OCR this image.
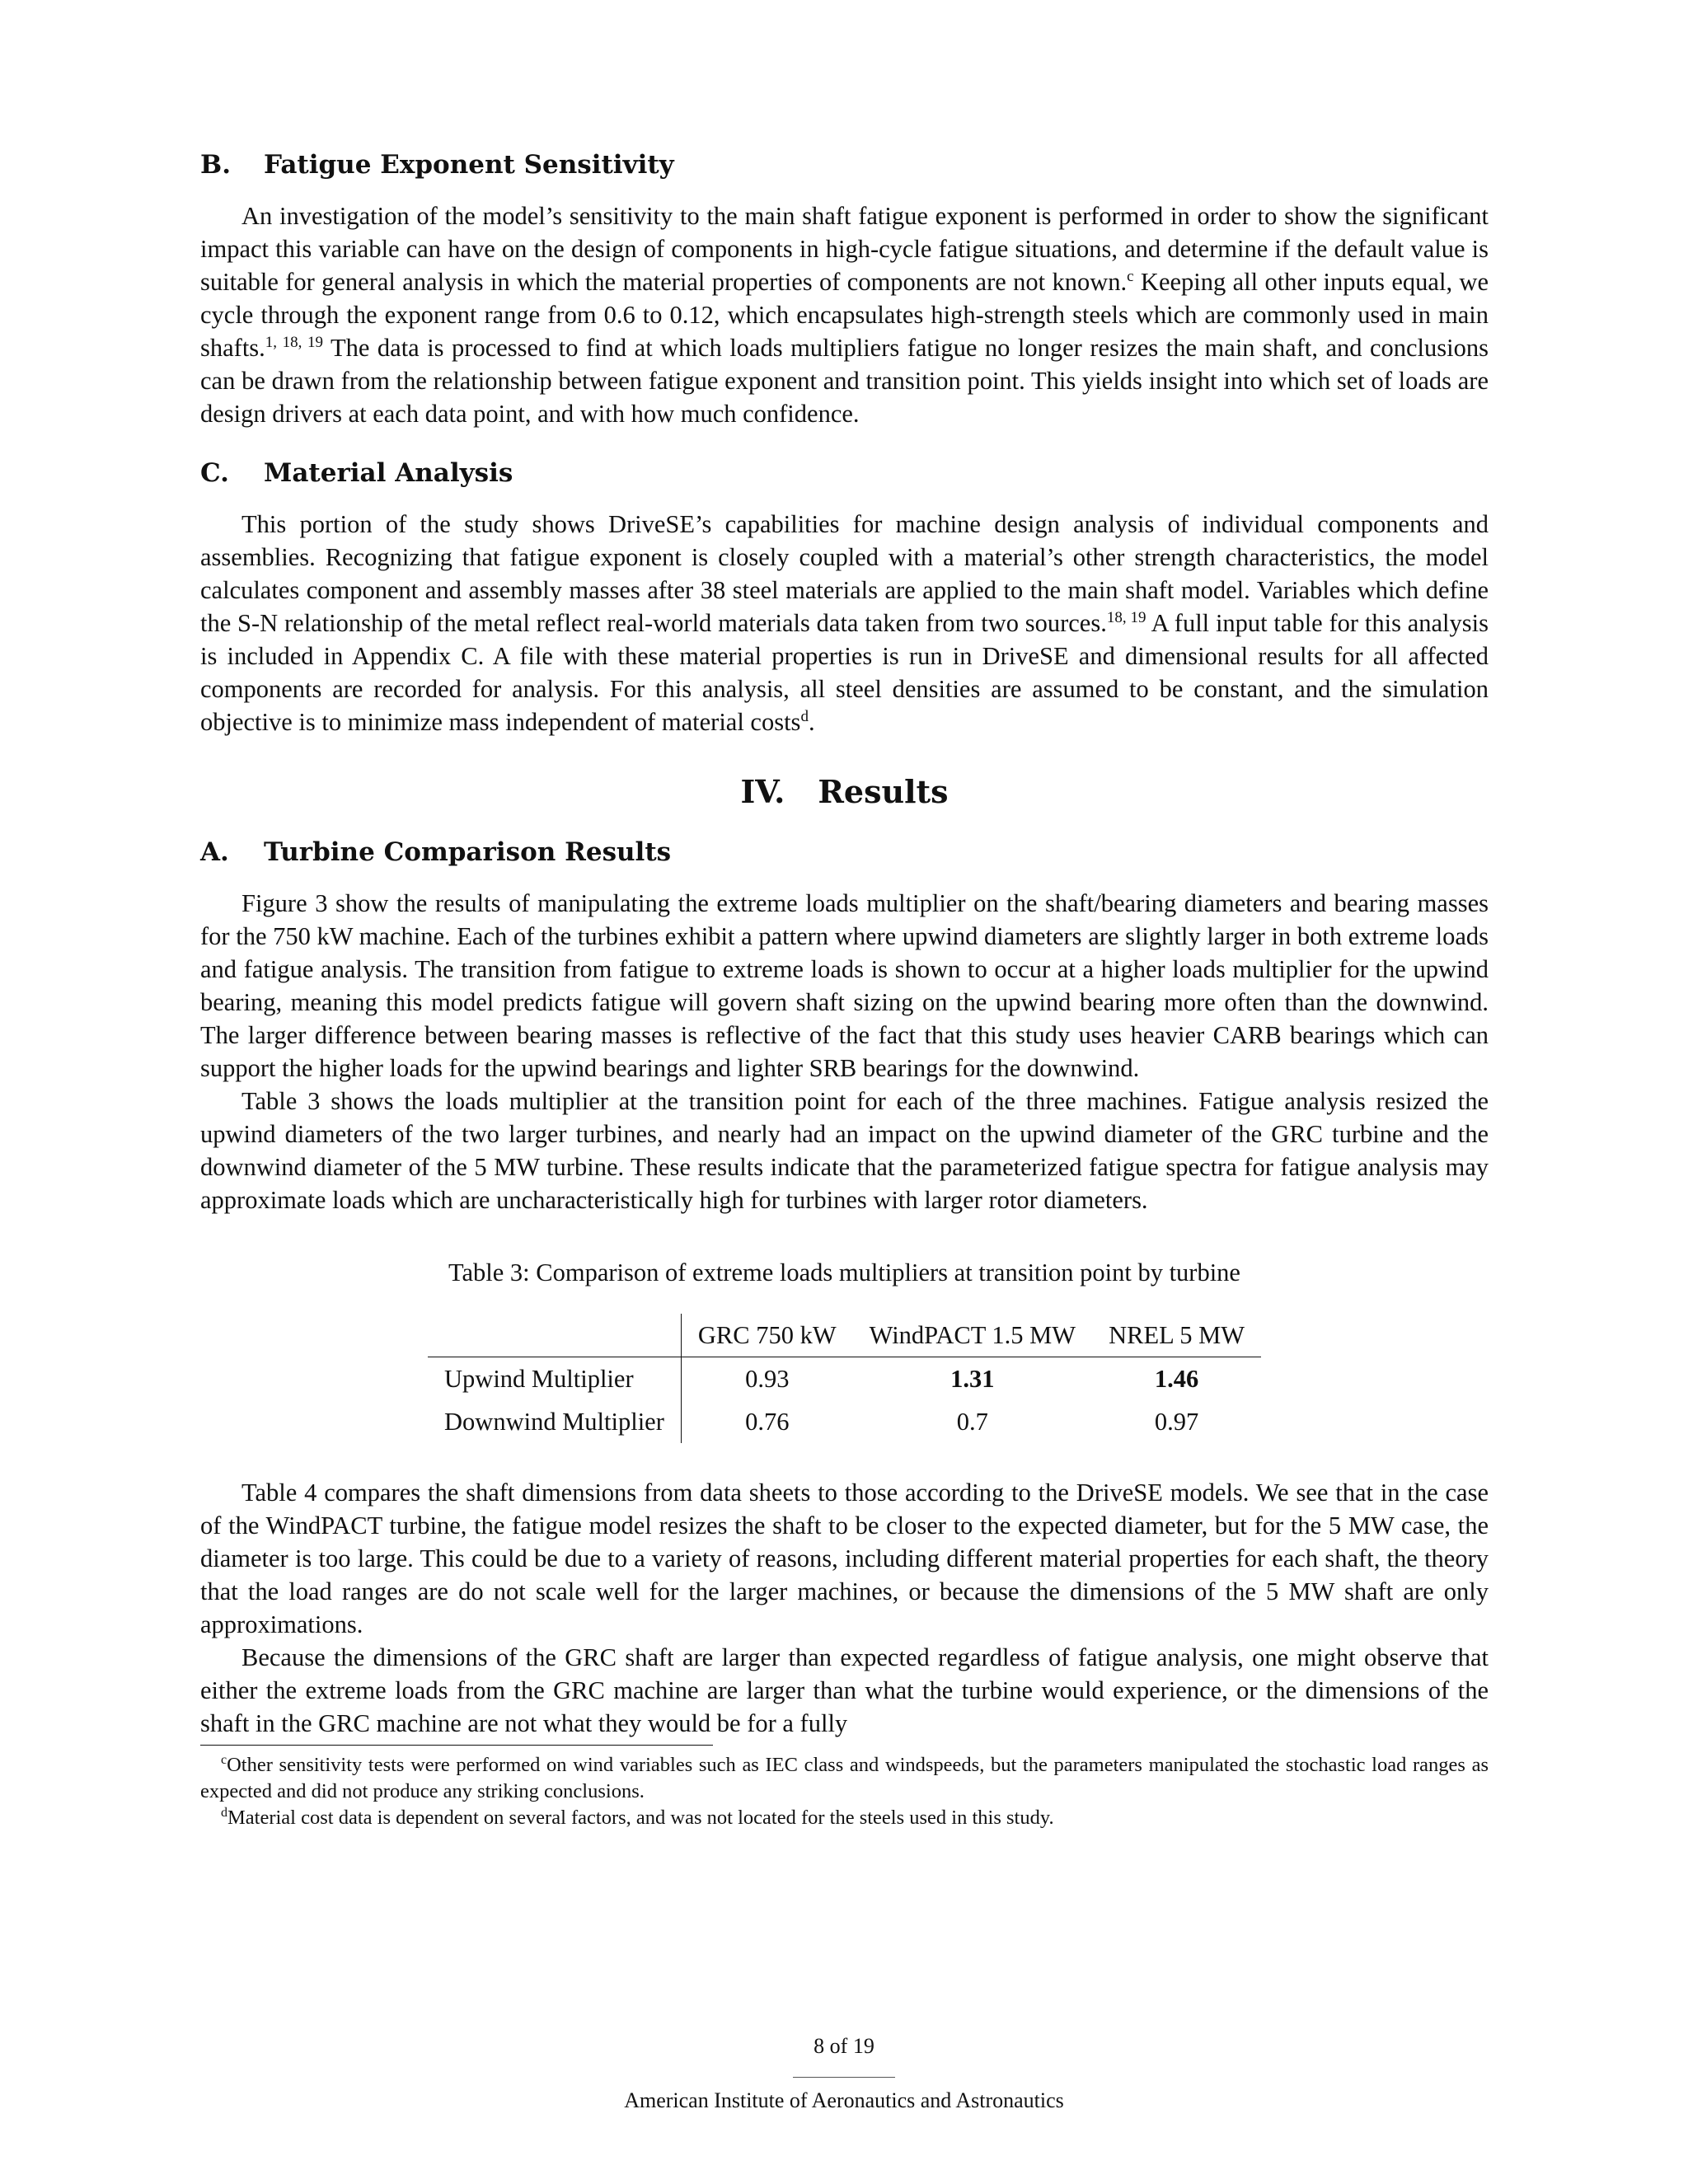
B. Fatigue Exponent Sensitivity

An investigation of the model’s sensitivity to the main shaft fatigue exponent is performed in order to show the significant impact this variable can have on the design of components in high-cycle fatigue situations, and determine if the default value is suitable for general analysis in which the material properties of components are not known.$^c$ Keeping all other inputs equal, we cycle through the exponent range from 0.6 to 0.12, which encapsulates high-strength steels which are commonly used in main shafts.$^{1, 18, 19}$ The data is processed to find at which loads multipliers fatigue no longer resizes the main shaft, and conclusions can be drawn from the relationship between fatigue exponent and transition point. This yields insight into which set of loads are design drivers at each data point, and with how much confidence.

C. Material Analysis

This portion of the study shows DriveSE’s capabilities for machine design analysis of individual components and assemblies. Recognizing that fatigue exponent is closely coupled with a material’s other strength characteristics, the model calculates component and assembly masses after 38 steel materials are applied to the main shaft model. Variables which define the S-N relationship of the metal reflect real-world materials data taken from two sources.$^{18, 19}$ A full input table for this analysis is included in Appendix C. A file with these material properties is run in DriveSE and dimensional results for all affected components are recorded for analysis. For this analysis, all steel densities are assumed to be constant, and the simulation objective is to minimize mass independent of material costs$^d$.

IV. Results
A. Turbine Comparison Results

Figure 3 show the results of manipulating the extreme loads multiplier on the shaft/bearing diameters and bearing masses for the 750 kW machine. Each of the turbines exhibit a pattern where upwind diameters are slightly larger in both extreme loads and fatigue analysis. The transition from fatigue to extreme loads is shown to occur at a higher loads multiplier for the upwind bearing, meaning this model predicts fatigue will govern shaft sizing on the upwind bearing more often than the downwind. The larger difference between bearing masses is reflective of the fact that this study uses heavier CARB bearings which can support the higher loads for the upwind bearings and lighter SRB bearings for the downwind.

Table 3 shows the loads multiplier at the transition point for each of the three machines. Fatigue analysis resized the upwind diameters of the two larger turbines, and nearly had an impact on the upwind diameter of the GRC turbine and the downwind diameter of the 5 MW turbine. These results indicate that the parameterized fatigue spectra for fatigue analysis may approximate loads which are uncharacteristically high for turbines with larger rotor diameters.

Table 3: Comparison of extreme loads multipliers at transition point by turbine
	GRC 750 kW	WindPACT 1.5 MW	NREL 5 MW
Upwind Multiplier	0.93	1.31	1.46
Downwind Multiplier	0.76	0.7	0.97

Table 4 compares the shaft dimensions from data sheets to those according to the DriveSE models. We see that in the case of the WindPACT turbine, the fatigue model resizes the shaft to be closer to the expected diameter, but for the 5 MW case, the diameter is too large. This could be due to a variety of reasons, including different material properties for each shaft, the theory that the load ranges are do not scale well for the larger machines, or because the dimensions of the 5 MW shaft are only approximations.

Because the dimensions of the GRC shaft are larger than expected regardless of fatigue analysis, one might observe that either the extreme loads from the GRC machine are larger than what the turbine would experience, or the dimensions of the shaft in the GRC machine are not what they would be for a fully

$^c$Other sensitivity tests were performed on wind variables such as IEC class and windspeeds, but the parameters manipulated the stochastic load ranges as expected and did not produce any striking conclusions.

$^d$Material cost data is dependent on several factors, and was not located for the steels used in this study.

8 of 19
American Institute of Aeronautics and Astronautics
